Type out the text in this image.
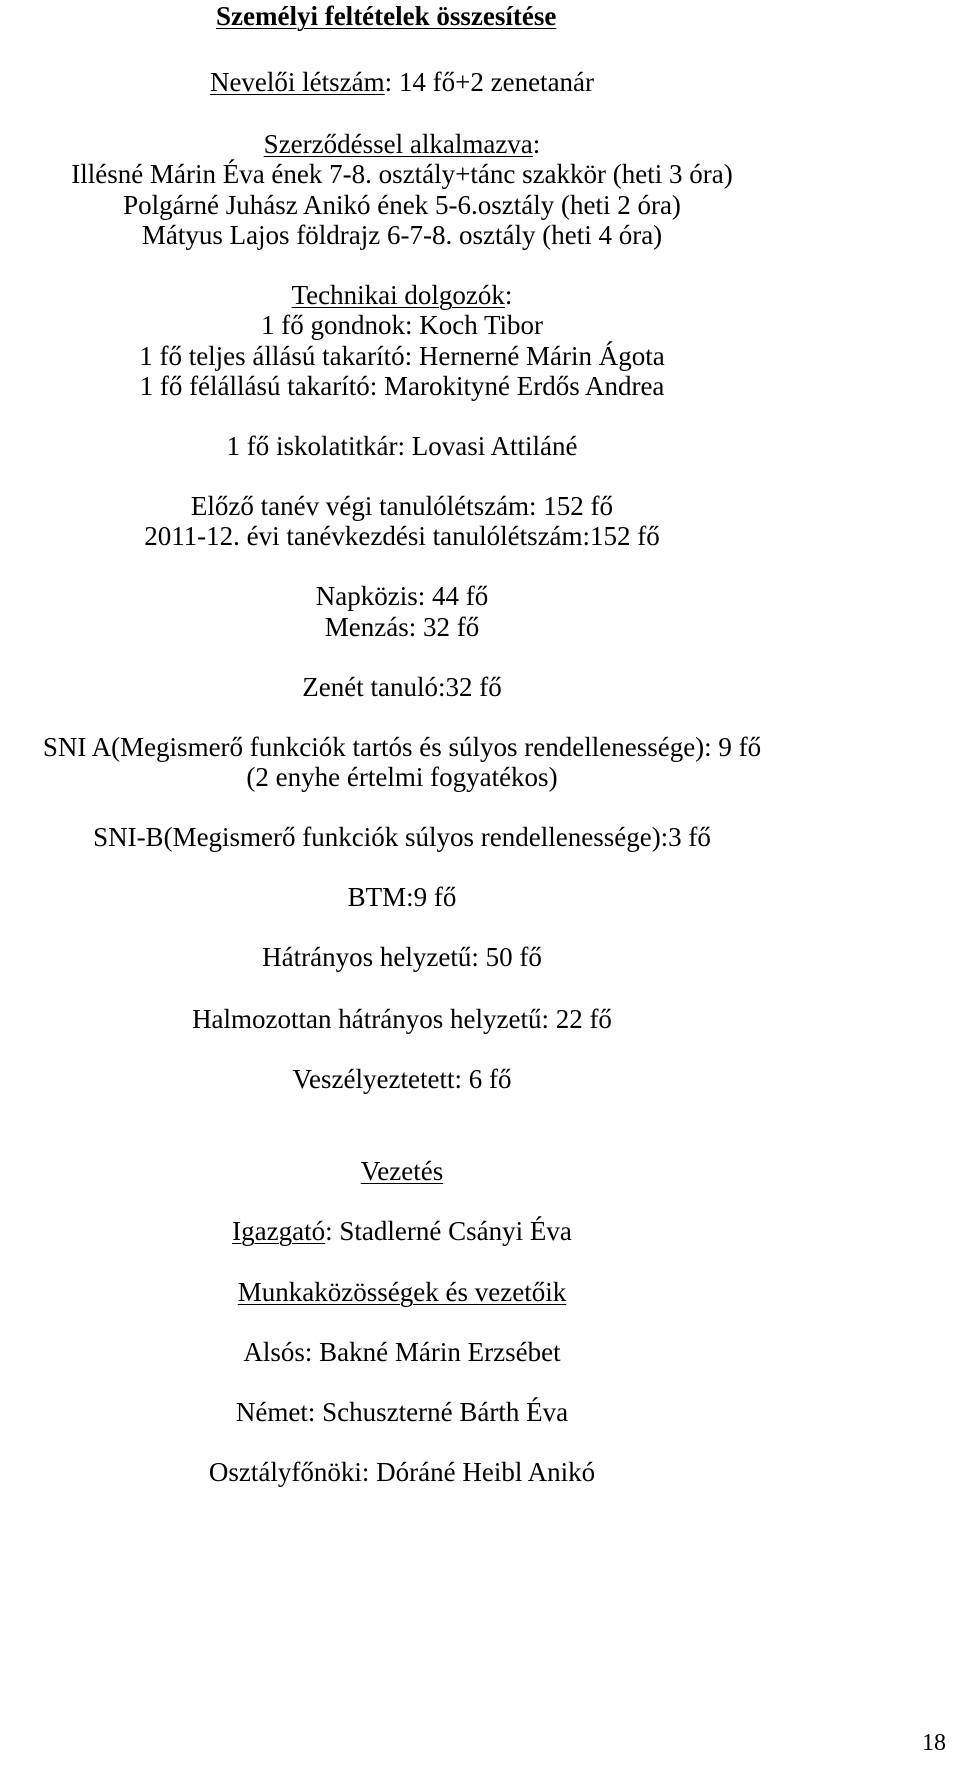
Személyi feltételek összesítése
Nevelői létszám: 14 fő+2 zenetanár
Szerződéssel alkalmazva:
Illésné Márin Éva ének 7-8. osztály+tánc szakkör (heti 3 óra)
Polgárné Juhász Anikó ének 5-6.osztály (heti 2 óra)
Mátyus Lajos földrajz 6-7-8. osztály (heti 4 óra)
Technikai dolgozók:
1 fő gondnok: Koch Tibor
1 fő teljes állású takarító: Hernerné Márin Ágota
1 fő félállású takarító: Marokityné Erdős Andrea
1 fő iskolatitkár: Lovasi Attiláné
Előző tanév végi tanulólétszám: 152 fő
2011-12. évi tanévkezdési tanulólétszám:152 fő
Napközis: 44 fő
Menzás: 32 fő
Zenét tanuló:32 fő
SNI A(Megismerő funkciók tartós és súlyos rendellenessége): 9 fő
(2 enyhe értelmi fogyatékos)
SNI-B(Megismerő funkciók súlyos rendellenessége):3 fő
BTM:9 fő
Hátrányos helyzetű: 50 fő
Halmozottan hátrányos helyzetű: 22 fő
Veszélyeztetett: 6 fő
Vezetés
Igazgató: Stadlerné Csányi Éva
Munkaközösségek és vezetőik
Alsós: Bakné Márin Erzsébet
Német: Schuszterné Bárth Éva
Osztályfőnöki: Dóráné Heibl Anikó
18
